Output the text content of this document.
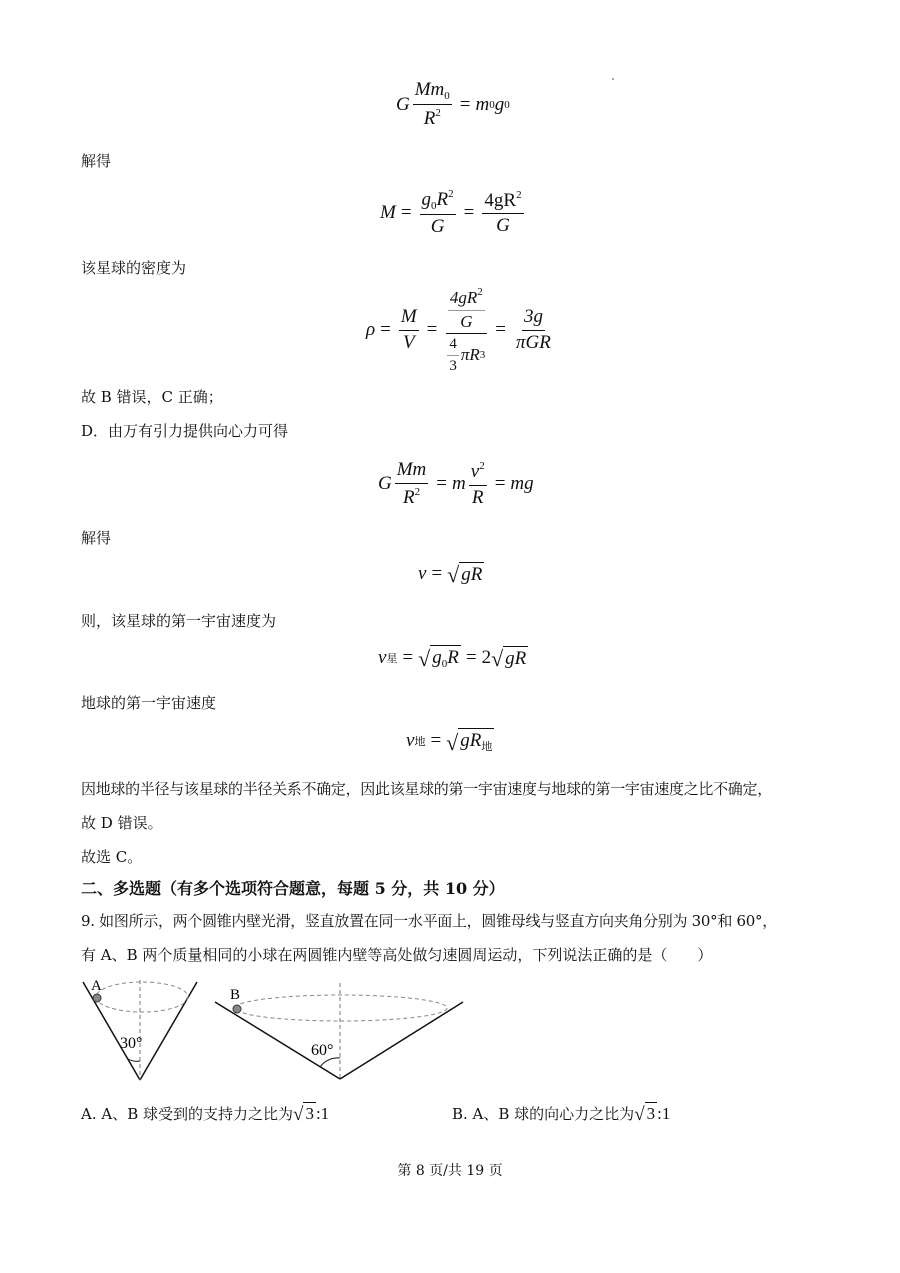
G $\frac{Mm_0}{R^2} = m$ 0 g 0
解得
$M = \frac{g_0R^2}{G} = \frac{4gR^2}{G}$
该星球的密度为
$\rho = \frac{M}{V} = \frac{\frac{4gR^2}{G}}{\frac{4}{3} \pi R 3} = \frac{3g}{\text{πGR}}$
故 B 错误，C 正确；
D．由万有引力提供向心力可得
G $\frac{Mm}{R^2} = m \frac{v^2}{R}$ = mg
解得
v = √ gR
则，该星球的第一宇宙速度为
v 星 = √ $g_0R = 2$ √ gR
地球的第一宇宙速度
v 地 = √ $gR_地$
因地球的半径与该星球的半径关系不确定，因此该星球的第一宇宙速度与地球的第一宇宙速度之比不确定，
故 D 错误。
故选 C。
二、多选题（有多个选项符合题意，每题 5 分，共 10 分）
9. 如图所示，两个圆锥内壁光滑，竖直放置在同一水平面上，圆锥母线与竖直方向夹角分别为 30°和 60°，
有 A、B 两个质量相同的小球在两圆锥内壁等高处做匀速圆周运动，下列说法正确的是（　　）
A
30°
B
60°
A. A、B 球受到的支持力之比为 √ 3 :1	B. A、B 球的向心力之比为 √ 3 :1
第 8 页/共 19 页
